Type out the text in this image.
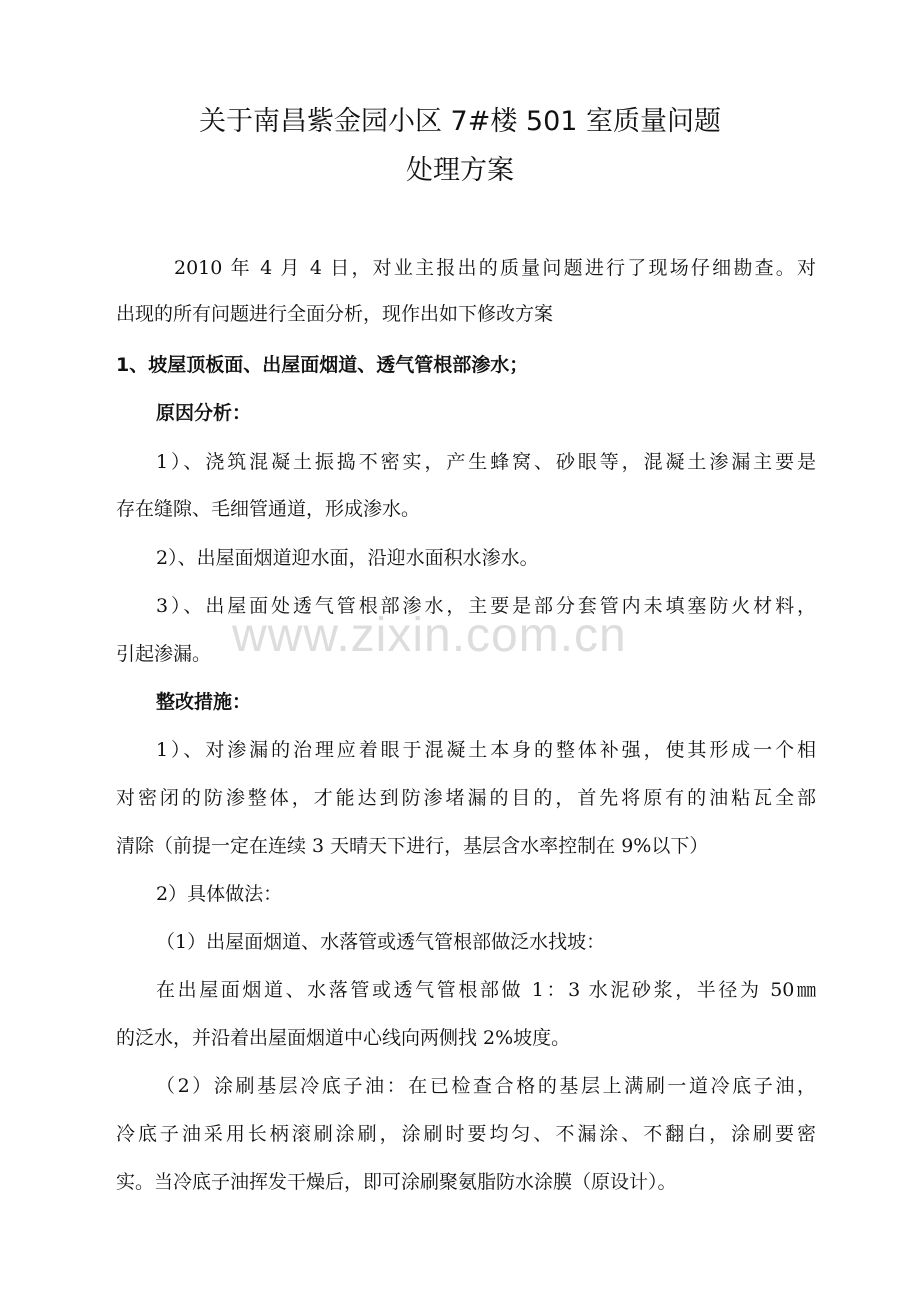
关于南昌紫金园小区 7#楼 501 室质量问题
处理方案
2010 年 4 月 4 日，对业主报出的质量问题进行了现场仔细勘查。对
出现的所有问题进行全面分析，现作出如下修改方案
1、坡屋顶板面、出屋面烟道、透气管根部渗水；
原因分析：
1）、浇筑混凝土振捣不密实，产生蜂窝、砂眼等，混凝土渗漏主要是
存在缝隙、毛细管通道，形成渗水。
2）、出屋面烟道迎水面，沿迎水面积水渗水。
3）、出屋面处透气管根部渗水，主要是部分套管内未填塞防火材料，
引起渗漏。
整改措施：
1）、对渗漏的治理应着眼于混凝土本身的整体补强，使其形成一个相
对密闭的防渗整体，才能达到防渗堵漏的目的，首先将原有的油粘瓦全部
清除（前提一定在连续 3 天晴天下进行，基层含水率控制在 9%以下）
2）具体做法：
（1）出屋面烟道、水落管或透气管根部做泛水找坡：
在出屋面烟道、水落管或透气管根部做 1：3 水泥砂浆，半径为 50㎜
的泛水，并沿着出屋面烟道中心线向两侧找 2%坡度。
（2）涂刷基层冷底子油：在已检查合格的基层上满刷一道冷底子油，
冷底子油采用长柄滚刷涂刷，涂刷时要均匀、不漏涂、不翻白，涂刷要密
实。当冷底子油挥发干燥后，即可涂刷聚氨脂防水涂膜（原设计）。
www.zixin.com.cn
